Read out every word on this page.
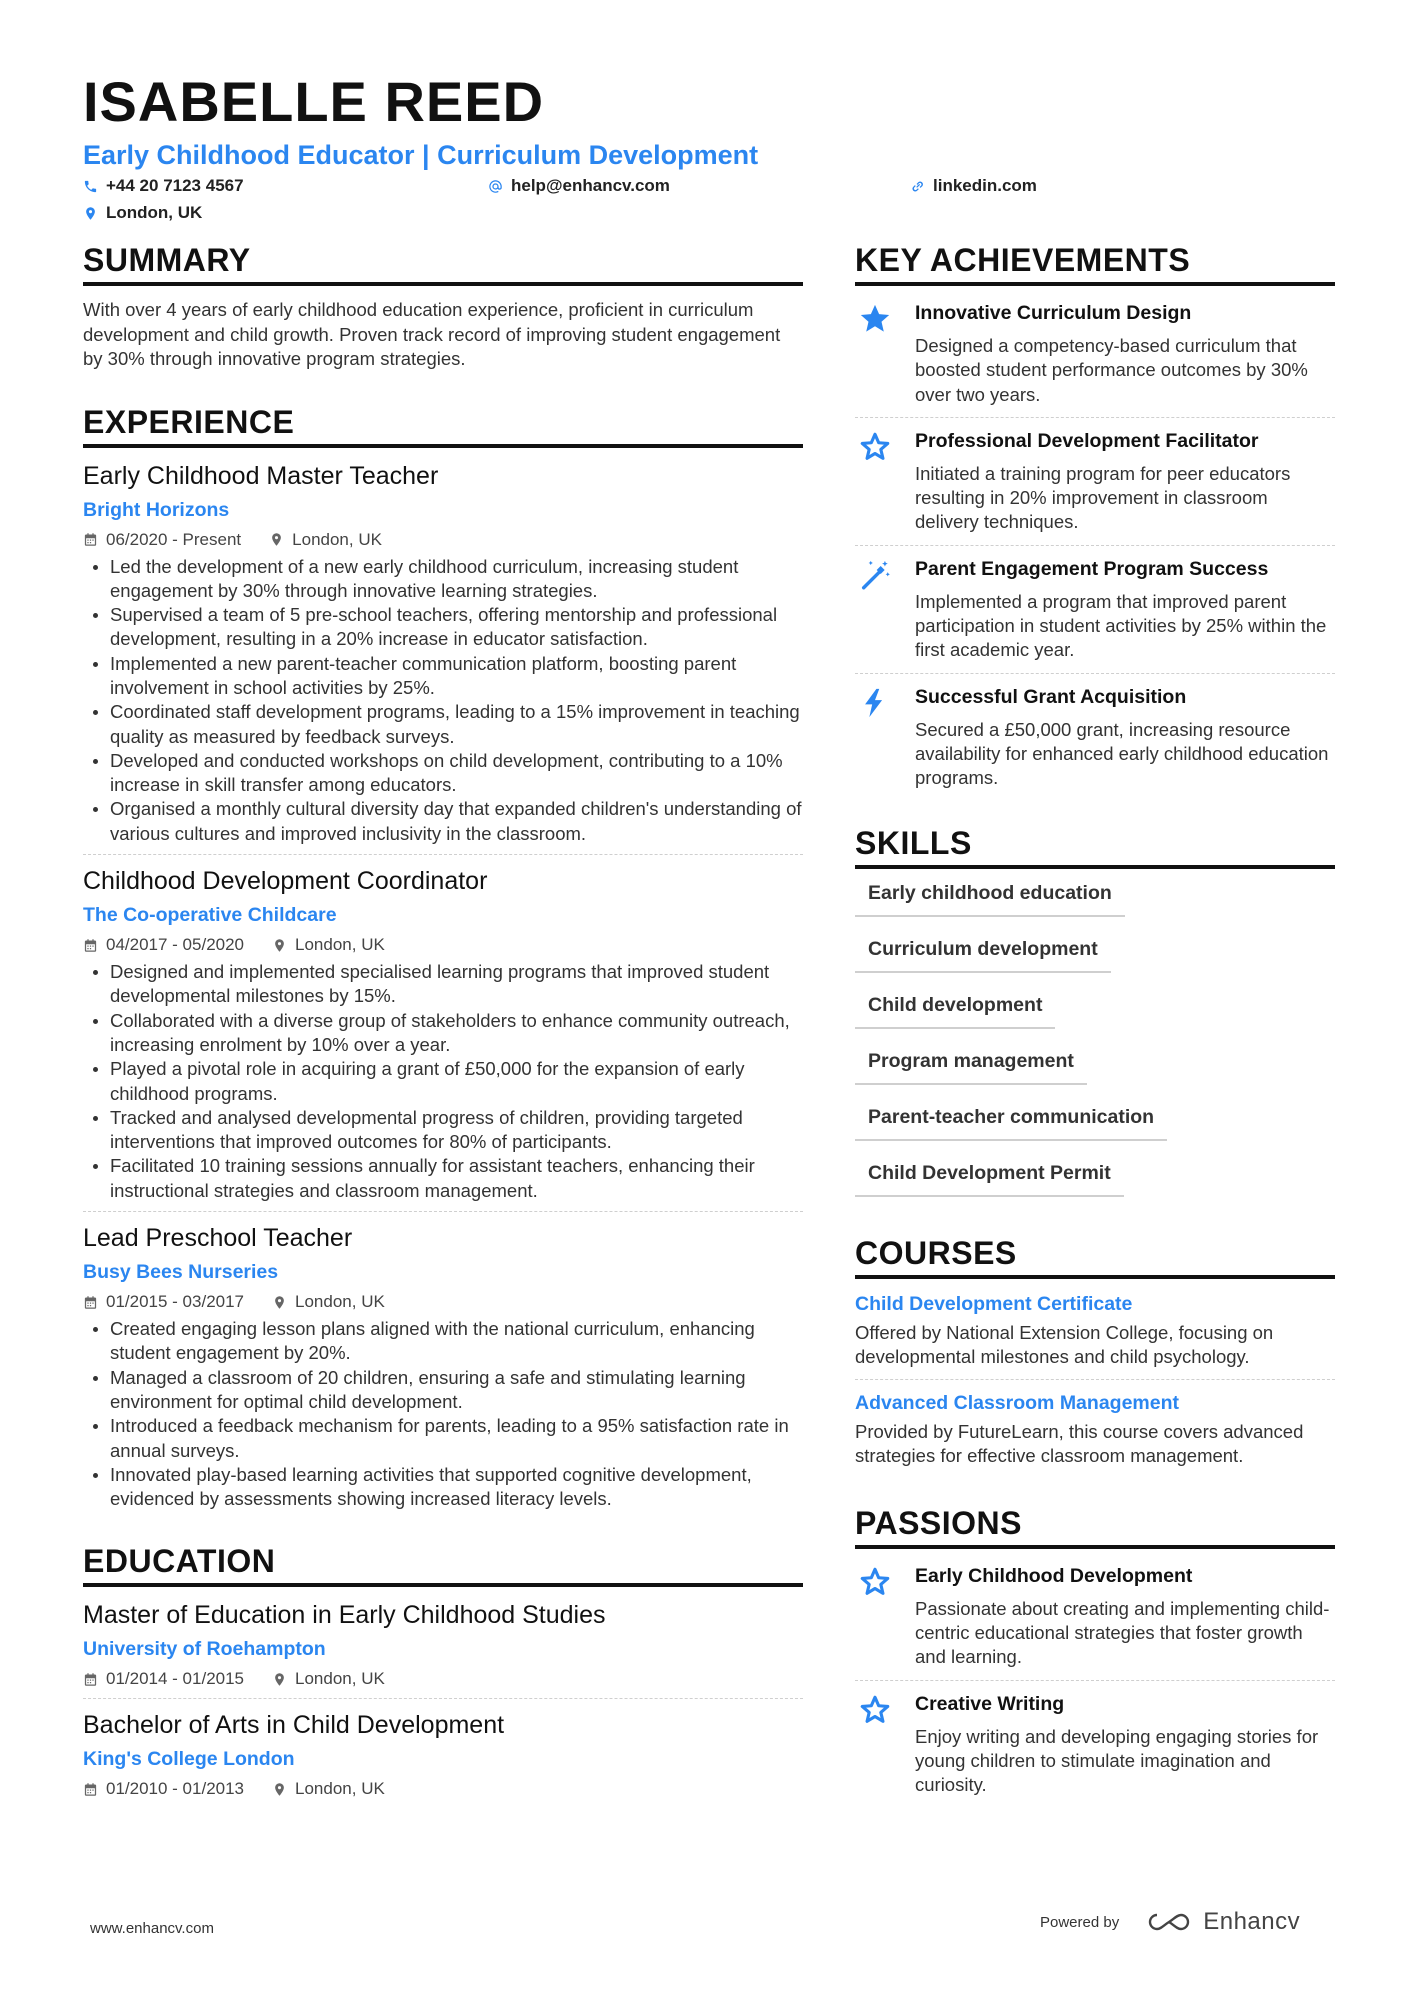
ISABELLE REED
Early Childhood Educator | Curriculum Development
+44 20 7123 4567	help@enhancv.com	linkedin.com
London, UK
SUMMARY
With over 4 years of early childhood education experience, proficient in curriculum development and child growth. Proven track record of improving student engagement by 30% through innovative program strategies.
EXPERIENCE
Early Childhood Master Teacher
Bright Horizons
06/2020 - Present	London, UK
Led the development of a new early childhood curriculum, increasing student engagement by 30% through innovative learning strategies.
Supervised a team of 5 pre-school teachers, offering mentorship and professional development, resulting in a 20% increase in educator satisfaction.
Implemented a new parent-teacher communication platform, boosting parent involvement in school activities by 25%.
Coordinated staff development programs, leading to a 15% improvement in teaching quality as measured by feedback surveys.
Developed and conducted workshops on child development, contributing to a 10% increase in skill transfer among educators.
Organised a monthly cultural diversity day that expanded children's understanding of various cultures and improved inclusivity in the classroom.
Childhood Development Coordinator
The Co-operative Childcare
04/2017 - 05/2020	London, UK
Designed and implemented specialised learning programs that improved student developmental milestones by 15%.
Collaborated with a diverse group of stakeholders to enhance community outreach, increasing enrolment by 10% over a year.
Played a pivotal role in acquiring a grant of £50,000 for the expansion of early childhood programs.
Tracked and analysed developmental progress of children, providing targeted interventions that improved outcomes for 80% of participants.
Facilitated 10 training sessions annually for assistant teachers, enhancing their instructional strategies and classroom management.
Lead Preschool Teacher
Busy Bees Nurseries
01/2015 - 03/2017	London, UK
Created engaging lesson plans aligned with the national curriculum, enhancing student engagement by 20%.
Managed a classroom of 20 children, ensuring a safe and stimulating learning environment for optimal child development.
Introduced a feedback mechanism for parents, leading to a 95% satisfaction rate in annual surveys.
Innovated play-based learning activities that supported cognitive development, evidenced by assessments showing increased literacy levels.
EDUCATION
Master of Education in Early Childhood Studies
University of Roehampton
01/2014 - 01/2015	London, UK
Bachelor of Arts in Child Development
King's College London
01/2010 - 01/2013	London, UK
KEY ACHIEVEMENTS
Innovative Curriculum Design
Designed a competency-based curriculum that boosted student performance outcomes by 30% over two years.
Professional Development Facilitator
Initiated a training program for peer educators resulting in 20% improvement in classroom delivery techniques.
Parent Engagement Program Success
Implemented a program that improved parent participation in student activities by 25% within the first academic year.
Successful Grant Acquisition
Secured a £50,000 grant, increasing resource availability for enhanced early childhood education programs.
SKILLS
Early childhood education
Curriculum development
Child development
Program management
Parent-teacher communication
Child Development Permit
COURSES
Child Development Certificate
Offered by National Extension College, focusing on developmental milestones and child psychology.
Advanced Classroom Management
Provided by FutureLearn, this course covers advanced strategies for effective classroom management.
PASSIONS
Early Childhood Development
Passionate about creating and implementing child-centric educational strategies that foster growth and learning.
Creative Writing
Enjoy writing and developing engaging stories for young children to stimulate imagination and curiosity.
www.enhancv.com	Powered by	Enhancv
